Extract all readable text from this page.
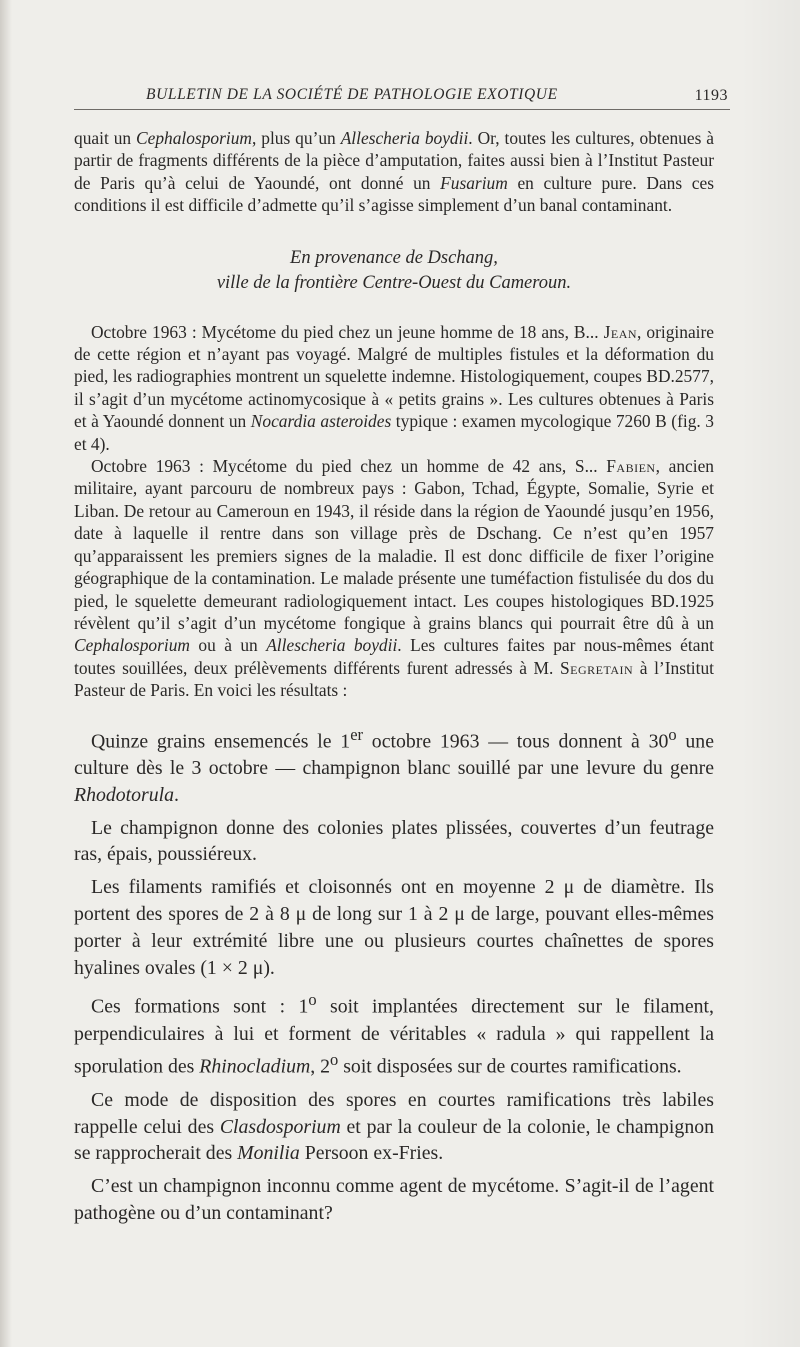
BULLETIN DE LA SOCIÉTÉ DE PATHOLOGIE EXOTIQUE	1193

quait un Cephalosporium, plus qu’un Allescheria boydii. Or, toutes les cultures, obtenues à partir de fragments différents de la pièce d’amputation, faites aussi bien à l’Institut Pasteur de Paris qu’à celui de Yaoundé, ont donné un Fusarium en culture pure. Dans ces conditions il est difficile d’admette qu’il s’agisse simplement d’un banal contaminant.

En provenance de Dschang,
ville de la frontière Centre-Ouest du Cameroun.

Octobre 1963 : Mycétome du pied chez un jeune homme de 18 ans, B... Jean, originaire de cette région et n’ayant pas voyagé. Malgré de multiples fistules et la déformation du pied, les radiographies montrent un squelette indemne. Histologiquement, coupes BD.2577, il s’agit d’un mycétome actinomycosique à « petits grains ». Les cultures obtenues à Paris et à Yaoundé donnent un Nocardia asteroides typique : examen mycologique 7260 B (fig. 3 et 4).

Octobre 1963 : Mycétome du pied chez un homme de 42 ans, S... Fabien, ancien militaire, ayant parcouru de nombreux pays : Gabon, Tchad, Égypte, Somalie, Syrie et Liban. De retour au Cameroun en 1943, il réside dans la région de Yaoundé jusqu’en 1956, date à laquelle il rentre dans son village près de Dschang. Ce n’est qu’en 1957 qu’apparaissent les premiers signes de la maladie. Il est donc difficile de fixer l’origine géographique de la contamination. Le malade présente une tuméfaction fistulisée du dos du pied, le squelette demeurant radiologiquement intact. Les coupes histologiques BD.1925 révèlent qu’il s’agit d’un mycétome fongique à grains blancs qui pourrait être dû à un Cephalosporium ou à un Allescheria boydii. Les cultures faites par nous-mêmes étant toutes souillées, deux prélèvements différents furent adressés à M. Segretain à l’Institut Pasteur de Paris. En voici les résultats :

Quinze grains ensemencés le 1er octobre 1963 — tous donnent à 30$^o$ une culture dès le 3 octobre — champignon blanc souillé par une levure du genre Rhodotorula.

Le champignon donne des colonies plates plissées, couvertes d’un feutrage ras, épais, poussiéreux.

Les filaments ramifiés et cloisonnés ont en moyenne 2 μ de diamètre. Ils portent des spores de 2 à 8 μ de long sur 1 à 2 μ de large, pouvant elles-mêmes porter à leur extrémité libre une ou plusieurs courtes chaînettes de spores hyalines ovales (1 × 2 μ).

Ces formations sont : 1$^o$ soit implantées directement sur le filament, perpendiculaires à lui et forment de véritables « radula » qui rappellent la sporulation des Rhinocladium, 2$^o$ soit disposées sur de courtes ramifications.

Ce mode de disposition des spores en courtes ramifications très labiles rappelle celui des Clasdosporium et par la couleur de la colonie, le champignon se rapprocherait des Monilia Persoon ex-Fries.

C’est un champignon inconnu comme agent de mycétome. S’agit-il de l’agent pathogène ou d’un contaminant?
